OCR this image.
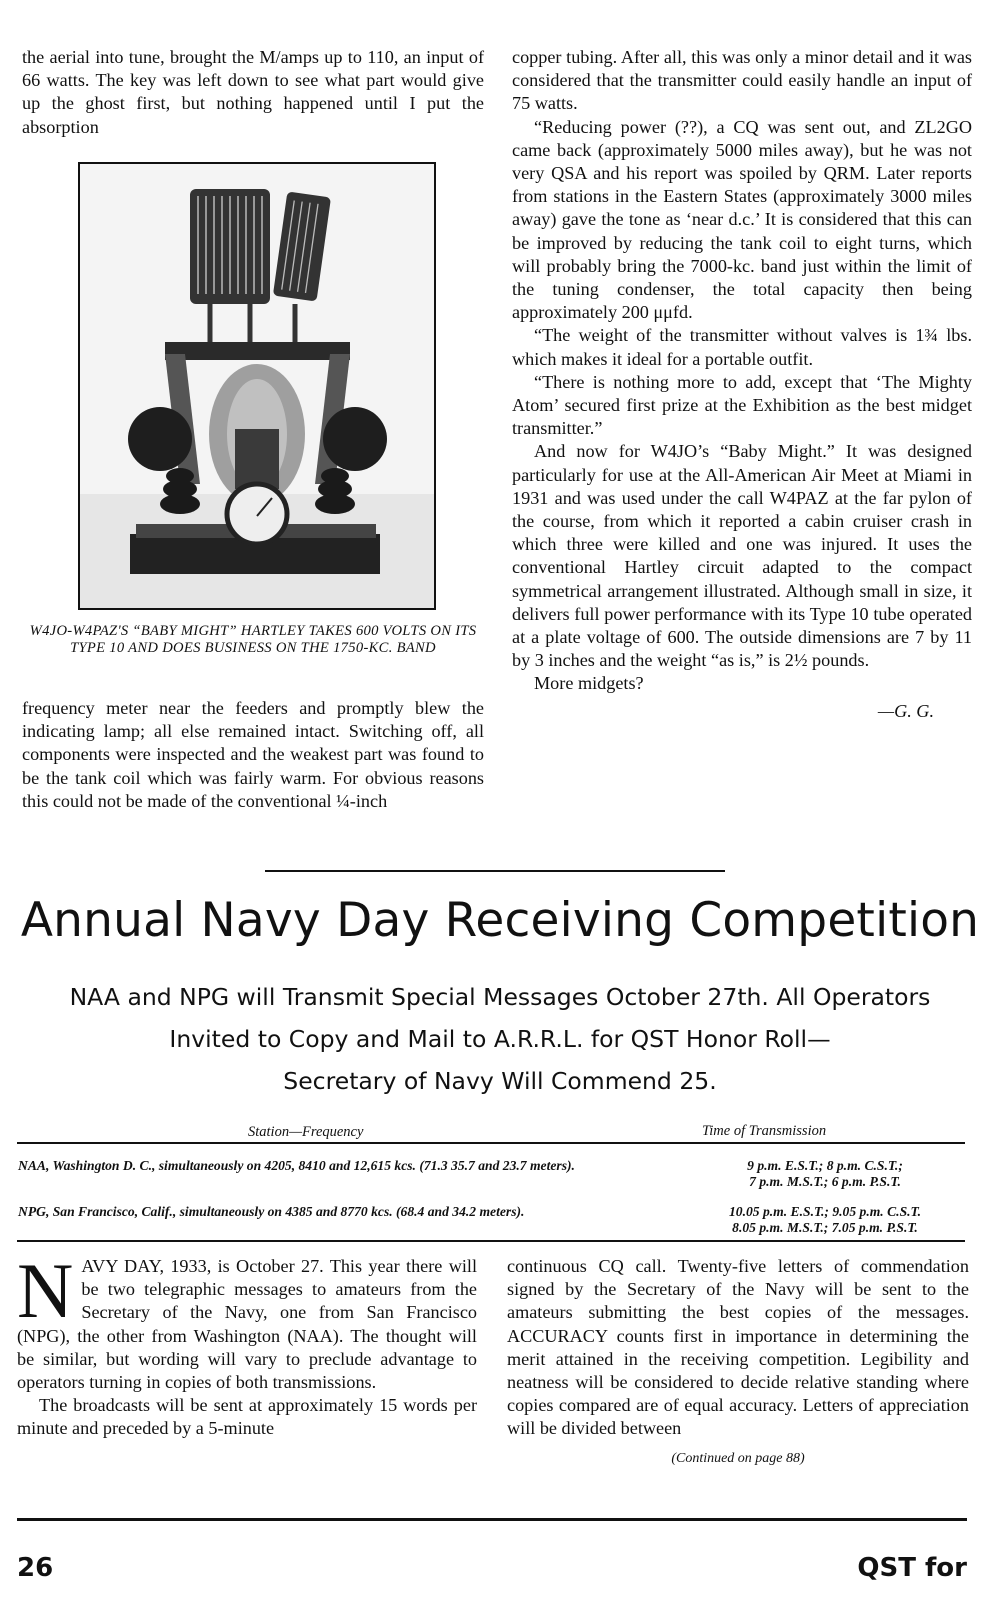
the aerial into tune, brought the M/amps up to 110, an input of 66 watts. The key was left down to see what part would give up the ghost first, but nothing happened until I put the absorption

W4JO-W4PAZ'S “BABY MIGHT” HARTLEY TAKES 600 VOLTS ON ITS TYPE 10 AND DOES BUSINESS ON THE 1750-KC. BAND

frequency meter near the feeders and promptly blew the indicating lamp; all else remained intact. Switching off, all components were inspected and the weakest part was found to be the tank coil which was fairly warm. For obvious reasons this could not be made of the conventional ¼-inch

copper tubing. After all, this was only a minor detail and it was considered that the transmitter could easily handle an input of 75 watts.

“Reducing power (??), a CQ was sent out, and ZL2GO came back (approximately 5000 miles away), but he was not very QSA and his report was spoiled by QRM. Later reports from stations in the Eastern States (approximately 3000 miles away) gave the tone as ‘near d.c.’ It is considered that this can be improved by reducing the tank coil to eight turns, which will probably bring the 7000-kc. band just within the limit of the tuning condenser, the total capacity then being approximately 200 μμfd.

“The weight of the transmitter without valves is 1¾ lbs. which makes it ideal for a portable outfit.

“There is nothing more to add, except that ‘The Mighty Atom’ secured first prize at the Exhibition as the best midget transmitter.”

And now for W4JO’s “Baby Might.” It was designed particularly for use at the All-American Air Meet at Miami in 1931 and was used under the call W4PAZ at the far pylon of the course, from which it reported a cabin cruiser crash in which three were killed and one was injured. It uses the conventional Hartley circuit adapted to the compact symmetrical arrangement illustrated. Although small in size, it delivers full power performance with its Type 10 tube operated at a plate voltage of 600. The outside dimensions are 7 by 11 by 3 inches and the weight “as is,” is 2½ pounds.

More midgets?

—G. G.

Annual Navy Day Receiving Competition
NAA and NPG will Transmit Special Messages October 27th. All Operators
Invited to Copy and Mail to A.R.R.L. for QST Honor Roll—
Secretary of Navy Will Commend 25.
Station—Frequency	Time of Transmission
NAA, Washington D. C., simultaneously on 4205, 8410 and 12,615 kcs. (71.3 35.7 and 23.7 meters).	9 p.m. E.S.T.; 8 p.m. C.S.T.;
7 p.m. M.S.T.; 6 p.m. P.S.T.
NPG, San Francisco, Calif., simultaneously on 4385 and 8770 kcs. (68.4 and 34.2 meters).	10.05 p.m. E.S.T.; 9.05 p.m. C.S.T.
8.05 p.m. M.S.T.; 7.05 p.m. P.S.T.

NAVY DAY, 1933, is October 27. This year there will be two telegraphic messages to amateurs from the Secretary of the Navy, one from San Francisco (NPG), the other from Washington (NAA). The thought will be similar, but wording will vary to preclude advantage to operators turning in copies of both transmissions.

The broadcasts will be sent at approximately 15 words per minute and preceded by a 5-minute

continuous CQ call. Twenty-five letters of commendation signed by the Secretary of the Navy will be sent to the amateurs submitting the best copies of the messages. ACCURACY counts first in importance in determining the merit attained in the receiving competition. Legibility and neatness will be considered to decide relative standing where copies compared are of equal accuracy. Letters of appreciation will be divided between

(Continued on page 88)

26	QST for
